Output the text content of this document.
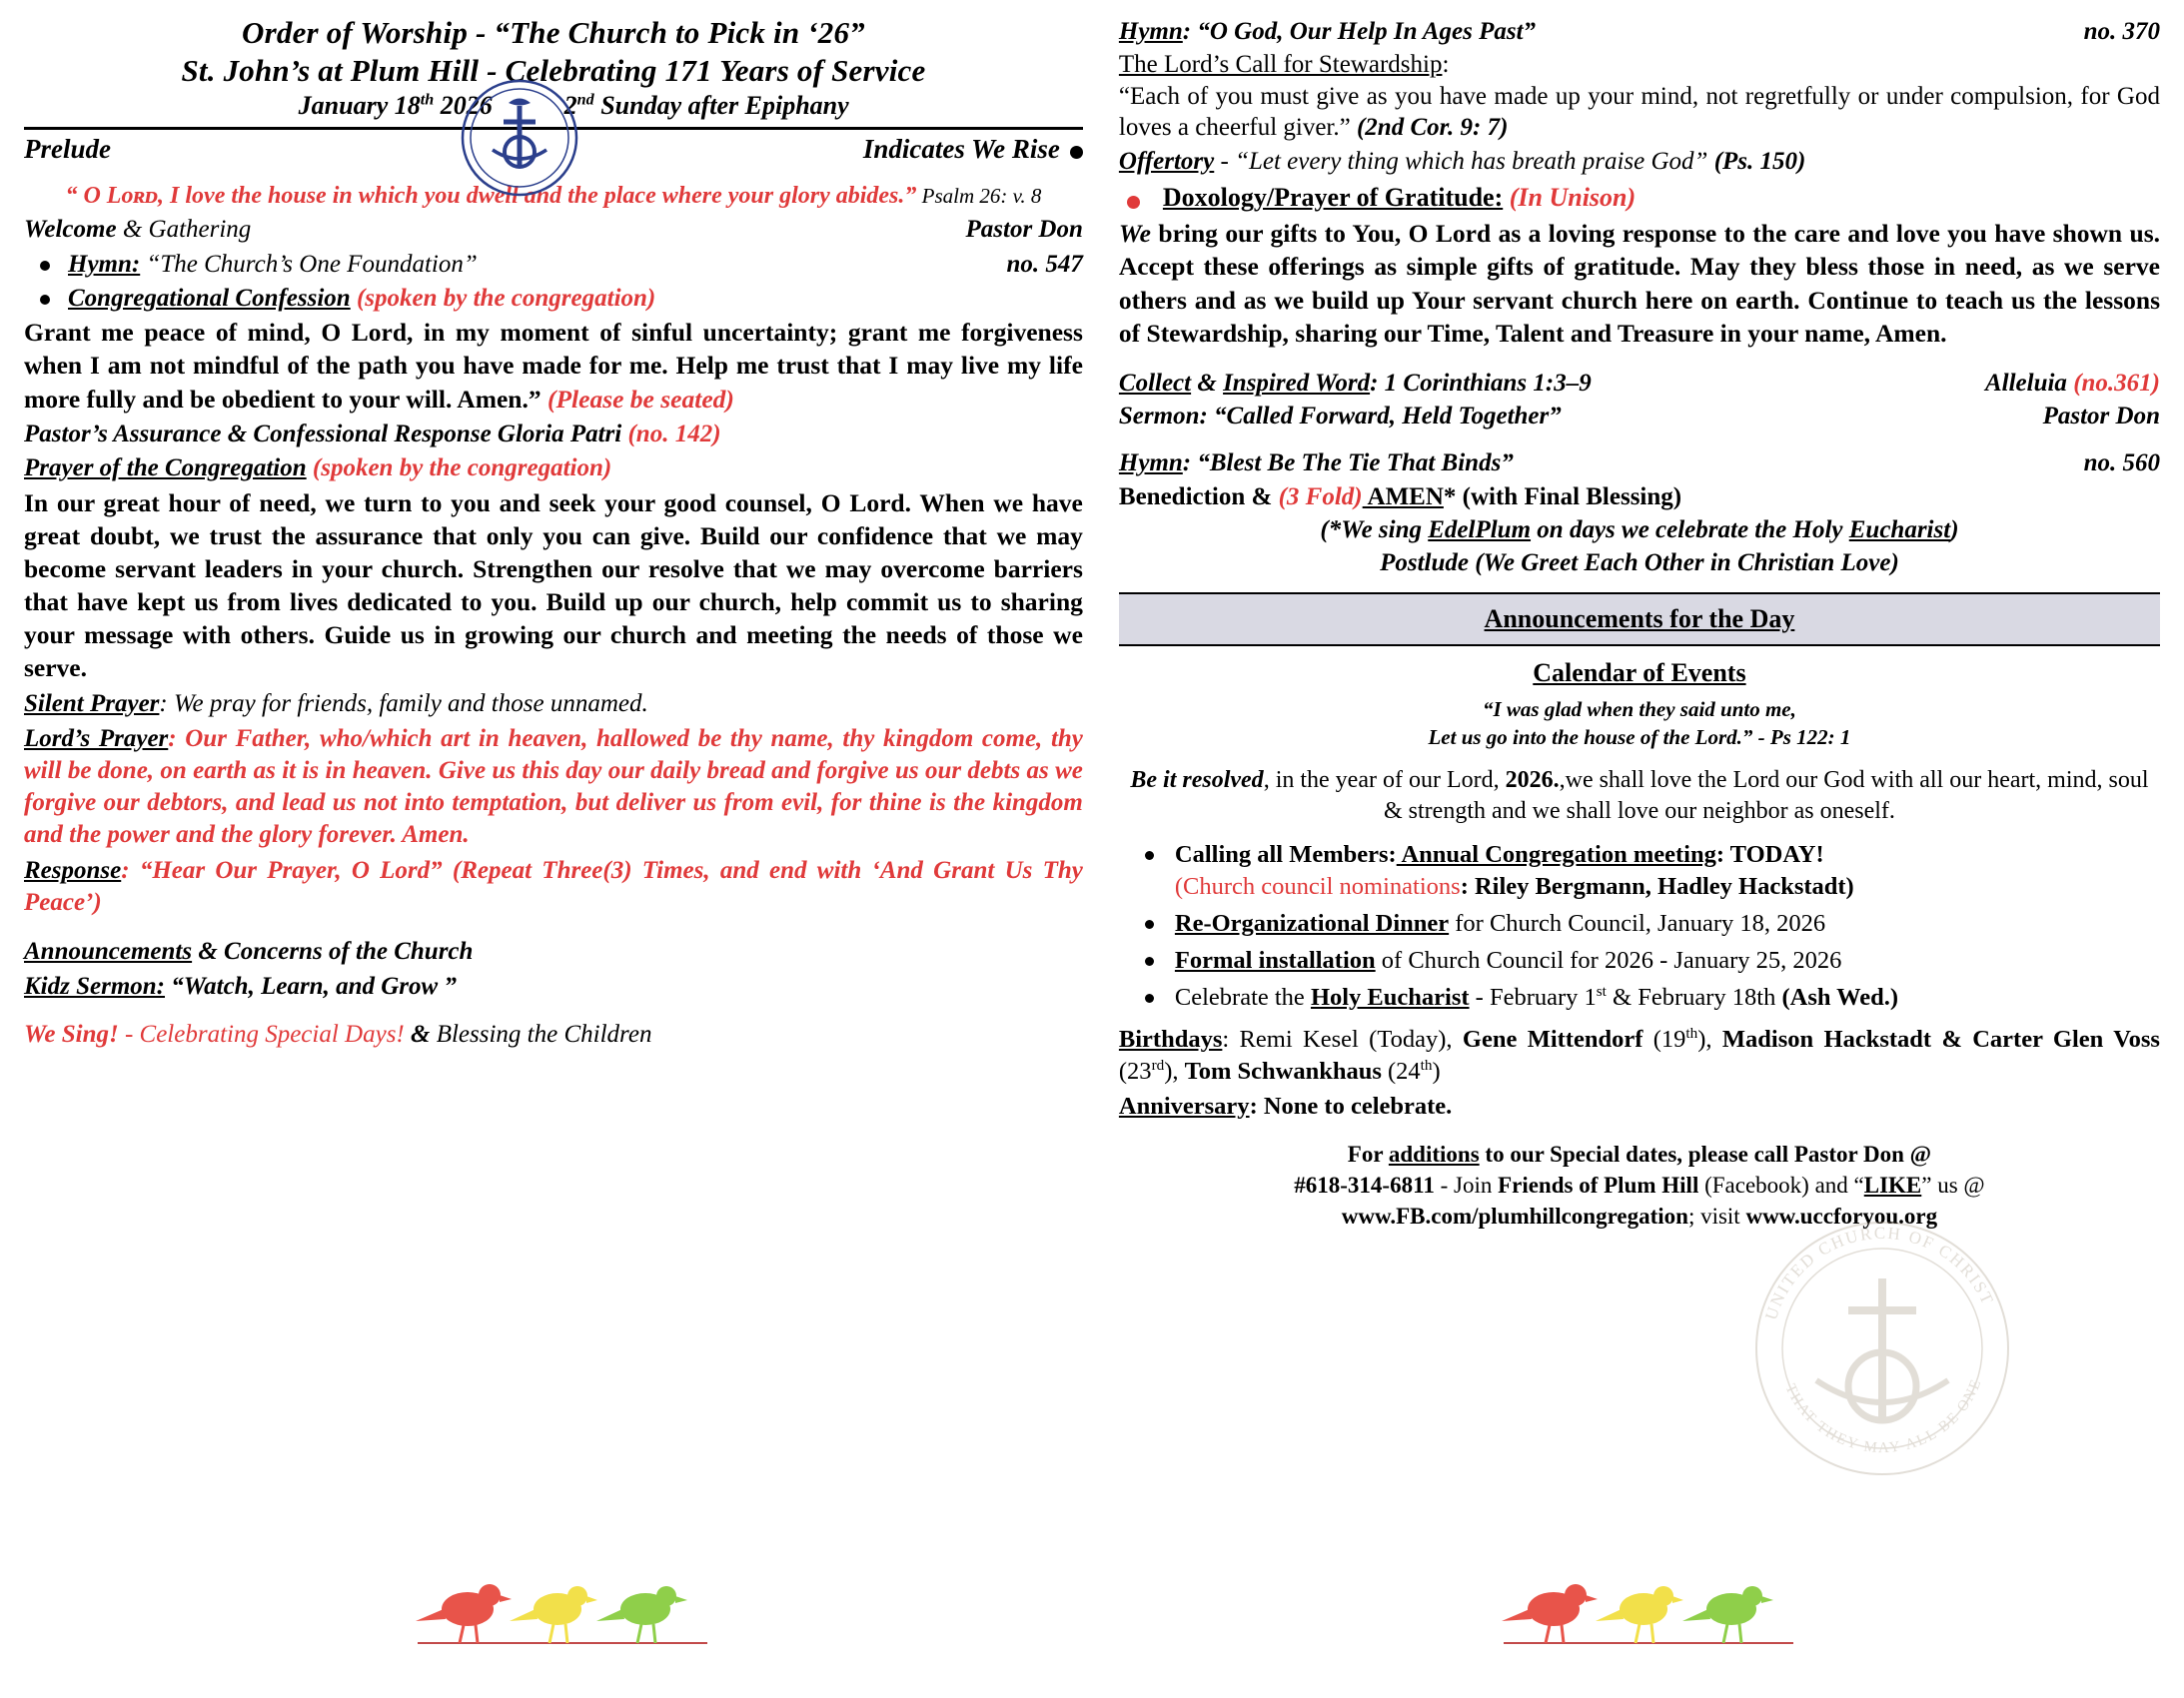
Order of Worship - “The Church to Pick in ‘26”
St. John’s at Plum Hill - Celebrating 171 Years of Service
January 18th 2026	2nd Sunday after Epiphany
Prelude	Indicates We Rise
“ O Lᴏʀᴅ, I love the house in which you dwell and the place where your glory abides.” Psalm 26: v. 8
Welcome & Gathering	Pastor Don
Hymn: “The Church’s One Foundation”	no. 547
Congregational Confession (spoken by the congregation)
Grant me peace of mind, O Lord, in my moment of sinful uncertainty; grant me forgiveness when I am not mindful of the path you have made for me. Help me trust that I may live my life more fully and be obedient to your will. Amen.” (Please be seated)
Pastor’s Assurance & Confessional Response Gloria Patri (no. 142)
Prayer of the Congregation (spoken by the congregation)
In our great hour of need, we turn to you and seek your good counsel, O Lord. When we have great doubt, we trust the assurance that only you can give. Build our confidence that we may become servant leaders in your church. Strengthen our resolve that we may overcome barriers that have kept us from lives dedicated to you. Build up our church, help commit us to sharing your message with others. Guide us in growing our church and meeting the needs of those we serve.
Silent Prayer: We pray for friends, family and those unnamed.
Lord’s Prayer: Our Father, who/which art in heaven, hallowed be thy name, thy kingdom come, thy will be done, on earth as it is in heaven. Give us this day our daily bread and forgive us our debts as we forgive our debtors, and lead us not into temptation, but deliver us from evil, for thine is the kingdom and the power and the glory forever. Amen.
Response: “Hear Our Prayer, O Lord” (Repeat Three(3) Times, and end with ‘And Grant Us Thy Peace’)
Announcements & Concerns of the Church
Kidz Sermon: “Watch, Learn, and Grow ”
We Sing! - Celebrating Special Days! & Blessing the Children
Hymn: “O God, Our Help In Ages Past”	no. 370
The Lord’s Call for Stewardship:
“Each of you must give as you have made up your mind, not regretfully or under compulsion, for God loves a cheerful giver.” (2nd Cor. 9: 7)
Offertory - “Let every thing which has breath praise God” (Ps. 150)
Doxology/Prayer of Gratitude: (In Unison)
We bring our gifts to You, O Lord as a loving response to the care and love you have shown us. Accept these offerings as simple gifts of gratitude. May they bless those in need, as we serve others and as we build up Your servant church here on earth. Continue to teach us the lessons of Stewardship, sharing our Time, Talent and Treasure in your name, Amen.
Collect & Inspired Word: 1 Corinthians 1:3–9	Alleluia (no.361)
Sermon: “Called Forward, Held Together”	Pastor Don
Hymn: “Blest Be The Tie That Binds”	no. 560
Benediction & (3 Fold) AMEN* (with Final Blessing)
(*We sing EdelPlum on days we celebrate the Holy Eucharist)
Postlude (We Greet Each Other in Christian Love)
Announcements for the Day
Calendar of Events
“I was glad when they said unto me,
Let us go into the house of the Lord.” - Ps 122: 1
Be it resolved, in the year of our Lord, 2026.,we shall love the Lord our God with all our heart, mind, soul & strength and we shall love our neighbor as oneself.
Calling all Members: Annual Congregation meeting: TODAY!
(Church council nominations: Riley Bergmann, Hadley Hackstadt)
Re-Organizational Dinner for Church Council, January 18, 2026
Formal installation of Church Council for 2026 - January 25, 2026
Celebrate the Holy Eucharist - February 1st & February 18th (Ash Wed.)
Birthdays: Remi Kesel (Today), Gene Mittendorf (19th), Madison Hackstadt & Carter Glen Voss (23rd), Tom Schwankhaus (24th)
Anniversary: None to celebrate.
For additions to our Special dates, please call Pastor Don @
#618-314-6811 - Join Friends of Plum Hill (Facebook) and “LIKE” us @
www.FB.com/plumhillcongregation; visit www.uccforyou.org
UNITED CHURCH OF CHRIST
THAT THEY MAY ALL BE ONE
